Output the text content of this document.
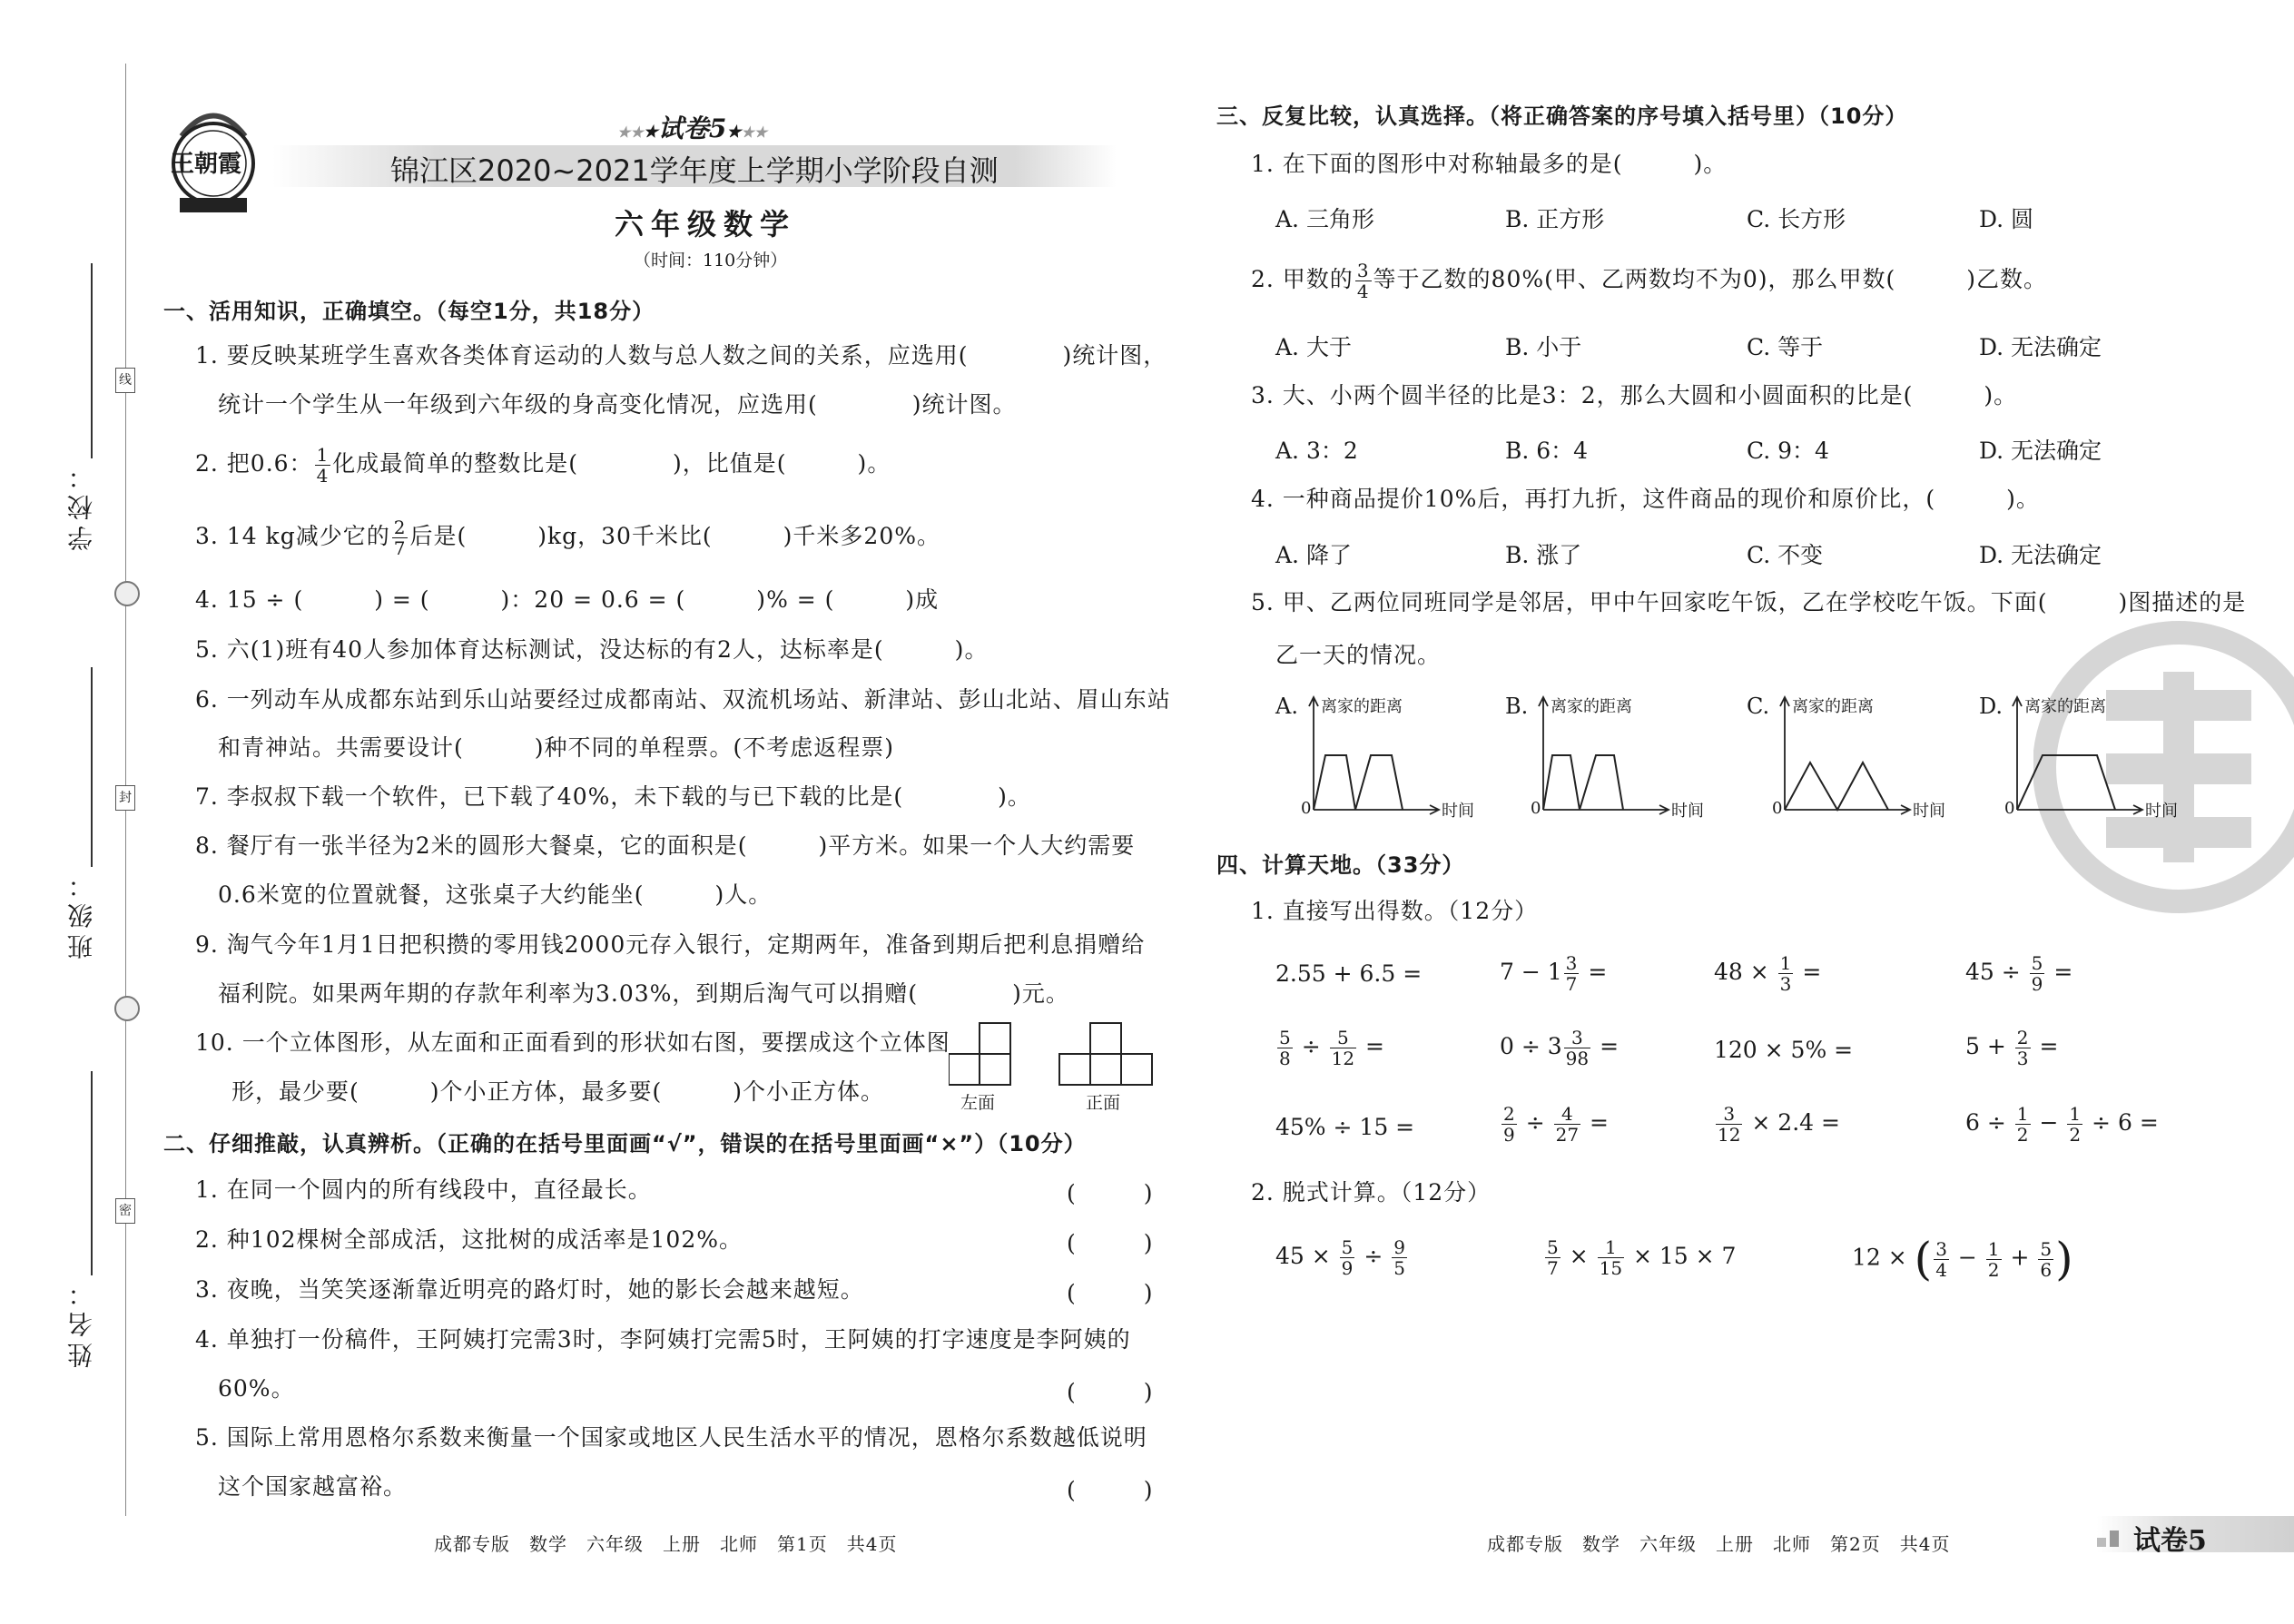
学校：
班级：
姓名：
线
封
密
王朝霞
★★★试卷5★★★
锦江区2020~2021学年度上学期小学阶段自测
六年级数学
（时间：110分钟）
一、活用知识，正确填空。（每空1分，共18分）
1. 要反映某班学生喜欢各类体育运动的人数与总人数之间的关系，应选用(　　　　)统计图，
统计一个学生从一年级到六年级的身高变化情况，应选用(　　　　)统计图。
2. 把0.6： $\frac{1}{4}$ 化成最简单的整数比是(　　　　)，比值是(　　　)。
3. 14 kg减少它的 $\frac{2}{7}$ 后是(　　　)kg，30千米比(　　　)千米多20%。
4. 15 ÷ (　　　) = (　　　)：20 = 0.6 = (　　　)% = (　　　)成
5. 六(1)班有40人参加体育达标测试，没达标的有2人，达标率是(　　　)。
6. 一列动车从成都东站到乐山站要经过成都南站、双流机场站、新津站、彭山北站、眉山东站
和青神站。共需要设计(　　　)种不同的单程票。(不考虑返程票)
7. 李叔叔下载一个软件，已下载了40%，未下载的与已下载的比是(　　　　)。
8. 餐厅有一张半径为2米的圆形大餐桌，它的面积是(　　　)平方米。如果一个人大约需要
0.6米宽的位置就餐，这张桌子大约能坐(　　　)人。
9. 淘气今年1月1日把积攒的零用钱2000元存入银行，定期两年，准备到期后把利息捐赠给
福利院。如果两年期的存款年利率为3.03%，到期后淘气可以捐赠(　　　　)元。
10. 一个立体图形，从左面和正面看到的形状如右图，要摆成这个立体图
形，最少要(　　　)个小正方体，最多要(　　　)个小正方体。	左面	正面
二、仔细推敲，认真辨析。（正确的在括号里面画“√”，错误的在括号里面画“×”）（10分）
1. 在同一个圆内的所有线段中，直径最长。	(　　　)
2. 种102棵树全部成活，这批树的成活率是102%。	(　　　)
3. 夜晚，当笑笑逐渐靠近明亮的路灯时，她的影长会越来越短。	(　　　)
4. 单独打一份稿件，王阿姨打完需3时，李阿姨打完需5时，王阿姨的打字速度是李阿姨的
60%。	(　　　)
5. 国际上常用恩格尔系数来衡量一个国家或地区人民生活水平的情况，恩格尔系数越低说明
这个国家越富裕。	(　　　)
成都专版　数学　六年级　上册　北师　第1页　共4页
三、反复比较，认真选择。（将正确答案的序号填入括号里）（10分）
1. 在下面的图形中对称轴最多的是(　　　)。
A. 三角形	B. 正方形	C. 长方形	D. 圆
2. 甲数的 $\frac{3}{4}$ 等于乙数的80%(甲、乙两数均不为0)，那么甲数(　　　)乙数。
A. 大于	B. 小于	C. 等于	D. 无法确定
3. 大、小两个圆半径的比是3：2，那么大圆和小圆面积的比是(　　　)。
A. 3：2	B. 6：4	C. 9：4	D. 无法确定
4. 一种商品提价10%后，再打九折，这件商品的现价和原价比，(　　　)。
A. 降了	B. 涨了	C. 不变	D. 无法确定
5. 甲、乙两位同班同学是邻居，甲中午回家吃午饭，乙在学校吃午饭。下面(　　　)图描述的是
乙一天的情况。
A. 离家的距离
0	时间
B. 离家的距离
0	时间
C. 离家的距离
0	时间
D. 离家的距离
0	时间
四、计算天地。（33分）
1. 直接写出得数。（12分）
2.55 + 6.5 =	$7 - 1 \frac{3}{7}$ =	$48 \times \frac{1}{3}$ =	$45 \div \frac{5}{9}$ =
$\frac{5}{8} \div \frac{5}{12}$ =	$0 \div 3 \frac{3}{98}$ =	120 × 5% =	$5 + \frac{2}{3}$ =
45% ÷ 15 =	$\frac{2}{9} \div \frac{4}{27}$ =	$\frac{3}{12} \times 2.4$ =	$6 \div \frac{1}{2} - \frac{1}{2} \div 6$ =
2. 脱式计算。（12分）
$45 \times \frac{5}{9} \div \frac{9}{5}$	$\frac{5}{7} \times \frac{1}{15} \times 15 \times 7$	12 × ( $\frac{3}{4} - \frac{1}{2} + \frac{5}{6}$ )
成都专版　数学　六年级　上册　北师　第2页　共4页	试卷5
